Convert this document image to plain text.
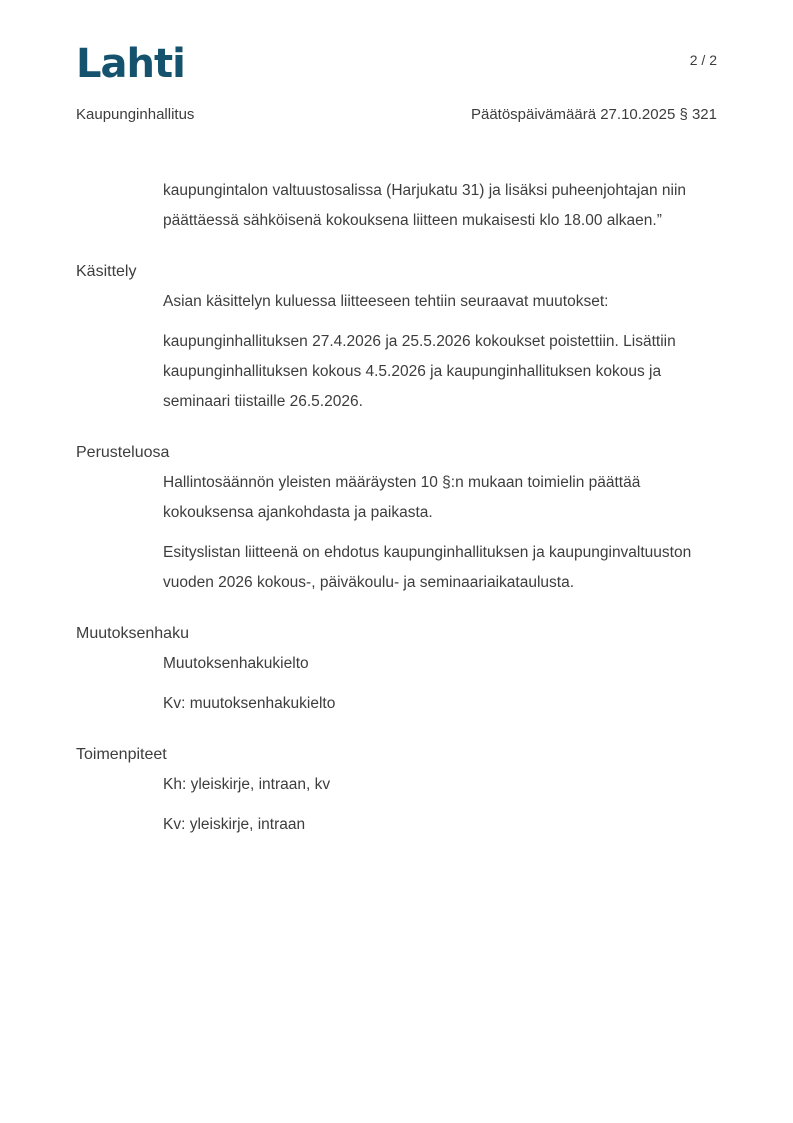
Lahti	2 / 2
Kaupunginhallitus	Päätöspäivämäärä 27.10.2025 § 321

kaupungintalon valtuustosalissa (Harjukatu 31) ja lisäksi puheenjohtajan niin päättäessä sähköisenä kokouksena liitteen mukaisesti klo 18.00 alkaen.”

Käsittely

Asian käsittelyn kuluessa liitteeseen tehtiin seuraavat muutokset:

kaupunginhallituksen 27.4.2026 ja 25.5.2026 kokoukset poistettiin. Lisättiin kaupunginhallituksen kokous 4.5.2026 ja kaupunginhallituksen kokous ja seminaari tiistaille 26.5.2026.

Perusteluosa

Hallintosäännön yleisten määräysten 10 §:n mukaan toimielin päättää kokouksensa ajankohdasta ja paikasta.

Esityslistan liitteenä on ehdotus kaupunginhallituksen ja kaupunginvaltuuston vuoden 2026 kokous-, päiväkoulu- ja seminaariaikataulusta.

Muutoksenhaku

Muutoksenhakukielto

Kv: muutoksenhakukielto

Toimenpiteet

Kh: yleiskirje, intraan, kv

Kv: yleiskirje, intraan
